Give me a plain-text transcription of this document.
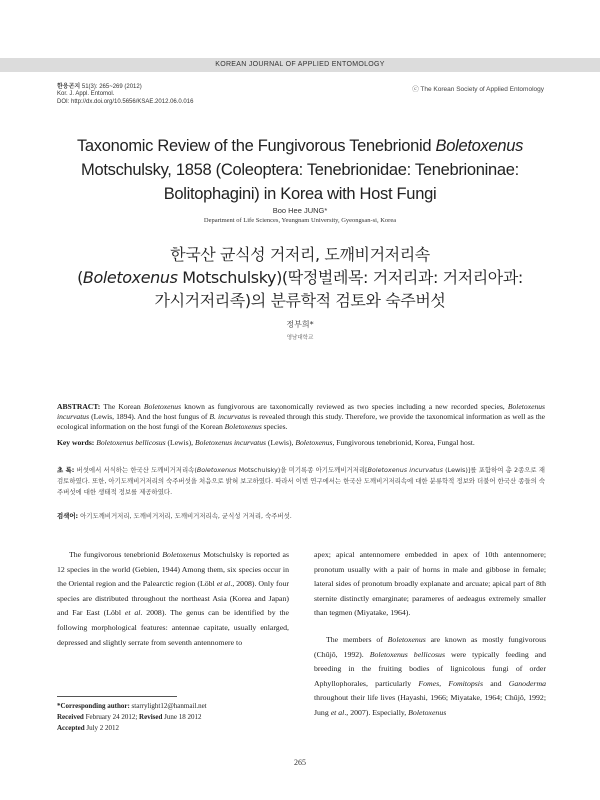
KOREAN JOURNAL OF APPLIED ENTOMOLOGY
한응곤지 51(3): 265~269 (2012)
Kor. J. Appl. Entomol.
DOI: http://dx.doi.org/10.5656/KSAE.2012.06.0.016
ⓒ The Korean Society of Applied Entomology
Taxonomic Review of the Fungivorous Tenebrionid Boletoxenus
Motschulsky, 1858 (Coleoptera: Tenebrionidae: Tenebrioninae:
Bolitophagini) in Korea with Host Fungi
Boo Hee JUNG*
Department of Life Sciences, Yeungnam University, Gyeongsan-si, Korea
한국산 균식성 거저리, 도깨비거저리속
(Boletoxenus Motschulsky)(딱정벌레목: 거저리과: 거저리아과:
가시거저리족)의 분류학적 검토와 숙주버섯
정부희*
영남대학교
ABSTRACT: The Korean Boletoxenus known as fungivorous are taxonomically reviewed as two species including a new recorded species, Boletoxenus incurvatus (Lewis, 1894). And the host fungus of B. incurvatus is revealed through this study. Therefore, we provide the taxonomical information as well as the ecological information on the host fungi of the Korean Boletoxenus species.
Key words: Boletoxenus bellicosus (Lewis), Boletoxenus incurvatus (Lewis), Boletoxenus, Fungivorous tenebrionid, Korea, Fungal host.
초 록: 버섯에서 서식하는 한국산 도깨비거저리속(Boletoxenus Motschulsky)을 미기록종 아기도깨비거저리[Boletoxenus incurvatus (Lewis)]를 포함하여 총 2종으로 재검토하였다. 또한, 아기도깨비거저리의 숙주버섯을 처음으로 밝혀 보고하였다. 따라서 이번 연구에서는 한국산 도깨비거저리속에 대한 분류학적 정보와 더불어 한국산 종들의 숙주버섯에 대한 생태적 정보를 제공하였다.
검색어: 아기도깨비거저리, 도깨비거저리, 도깨비거저리속, 균식성 거저리, 숙주버섯.

The fungivorous tenebrionid Boletoxenus Motschulsky is reported as 12 species in the world (Gebien, 1944) Among them, six species occur in the Oriental region and the Palearctic region (Löbl et al., 2008). Only four species are distributed throughout the northeast Asia (Korea and Japan) and Far East (Löbl et al. 2008). The genus can be identified by the following morphological features: antennae capitate, usually enlarged, depressed and slightly serrate from seventh antennomere to

apex; apical antennomere embedded in apex of 10th antennomere; pronotum usually with a pair of horns in male and gibbose in female; lateral sides of pronotum broadly explanate and arcuate; apical part of 8th sternite distinctly emarginate; parameres of aedeagus extremely smaller than tegmen (Miyatake, 1964).

The members of Boletoxenus are known as mostly fungivorous (Chûjô, 1992). Boletoxenus bellicosus were typically feeding and breeding in the fruiting bodies of lignicolous fungi of order Aphyllophorales, particularly Fomes, Fomitopsis and Ganoderma throughout their life lives (Hayashi, 1966; Miyatake, 1964; Chûjô, 1992; Jung et al., 2007). Especially, Boletoxenus

*Corresponding author: starrylight12@hanmail.net
Received February 24 2012; Revised June 18 2012
Accepted July 2 2012
265
